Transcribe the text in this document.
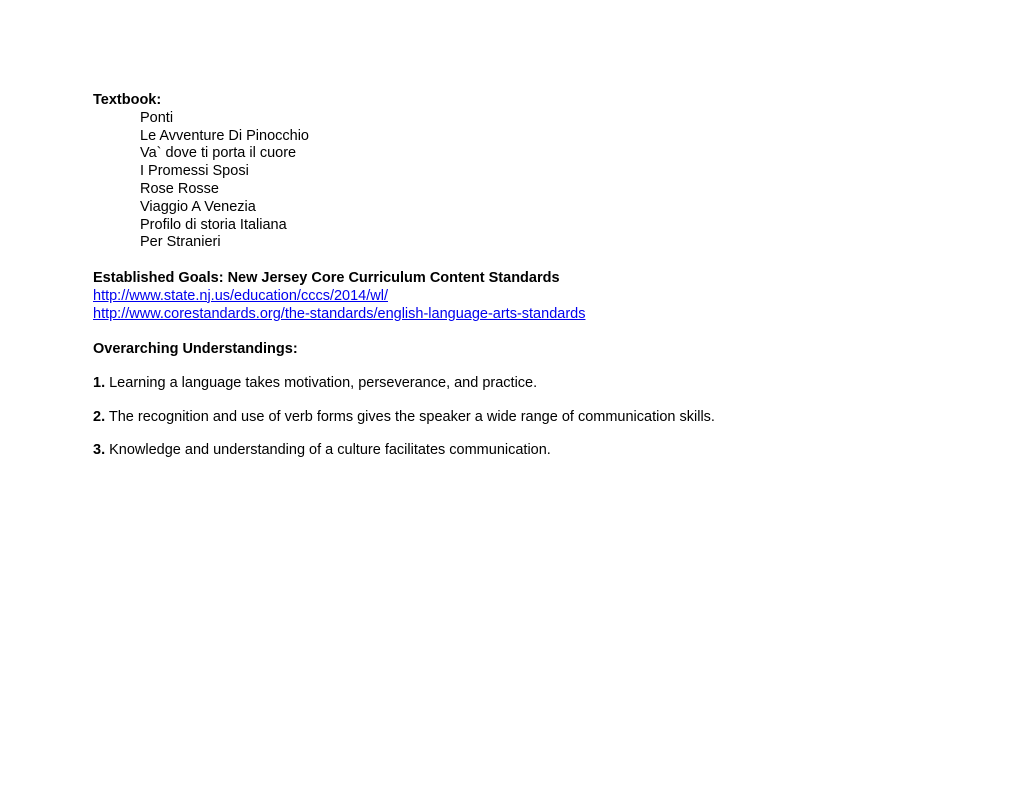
Textbook:
Ponti
Le Avventure Di Pinocchio
Va` dove ti porta il cuore
I Promessi Sposi
Rose Rosse
Viaggio A Venezia
Profilo di storia Italiana
Per Stranieri
Established Goals: New Jersey Core Curriculum Content Standards
http://www.state.nj.us/education/cccs/2014/wl/
http://www.corestandards.org/the-standards/english-language-arts-standards
Overarching Understandings:
1. Learning a language takes motivation, perseverance, and practice.
2. The recognition and use of verb forms gives the speaker a wide range of communication skills.
3. Knowledge and understanding of a culture facilitates communication.
